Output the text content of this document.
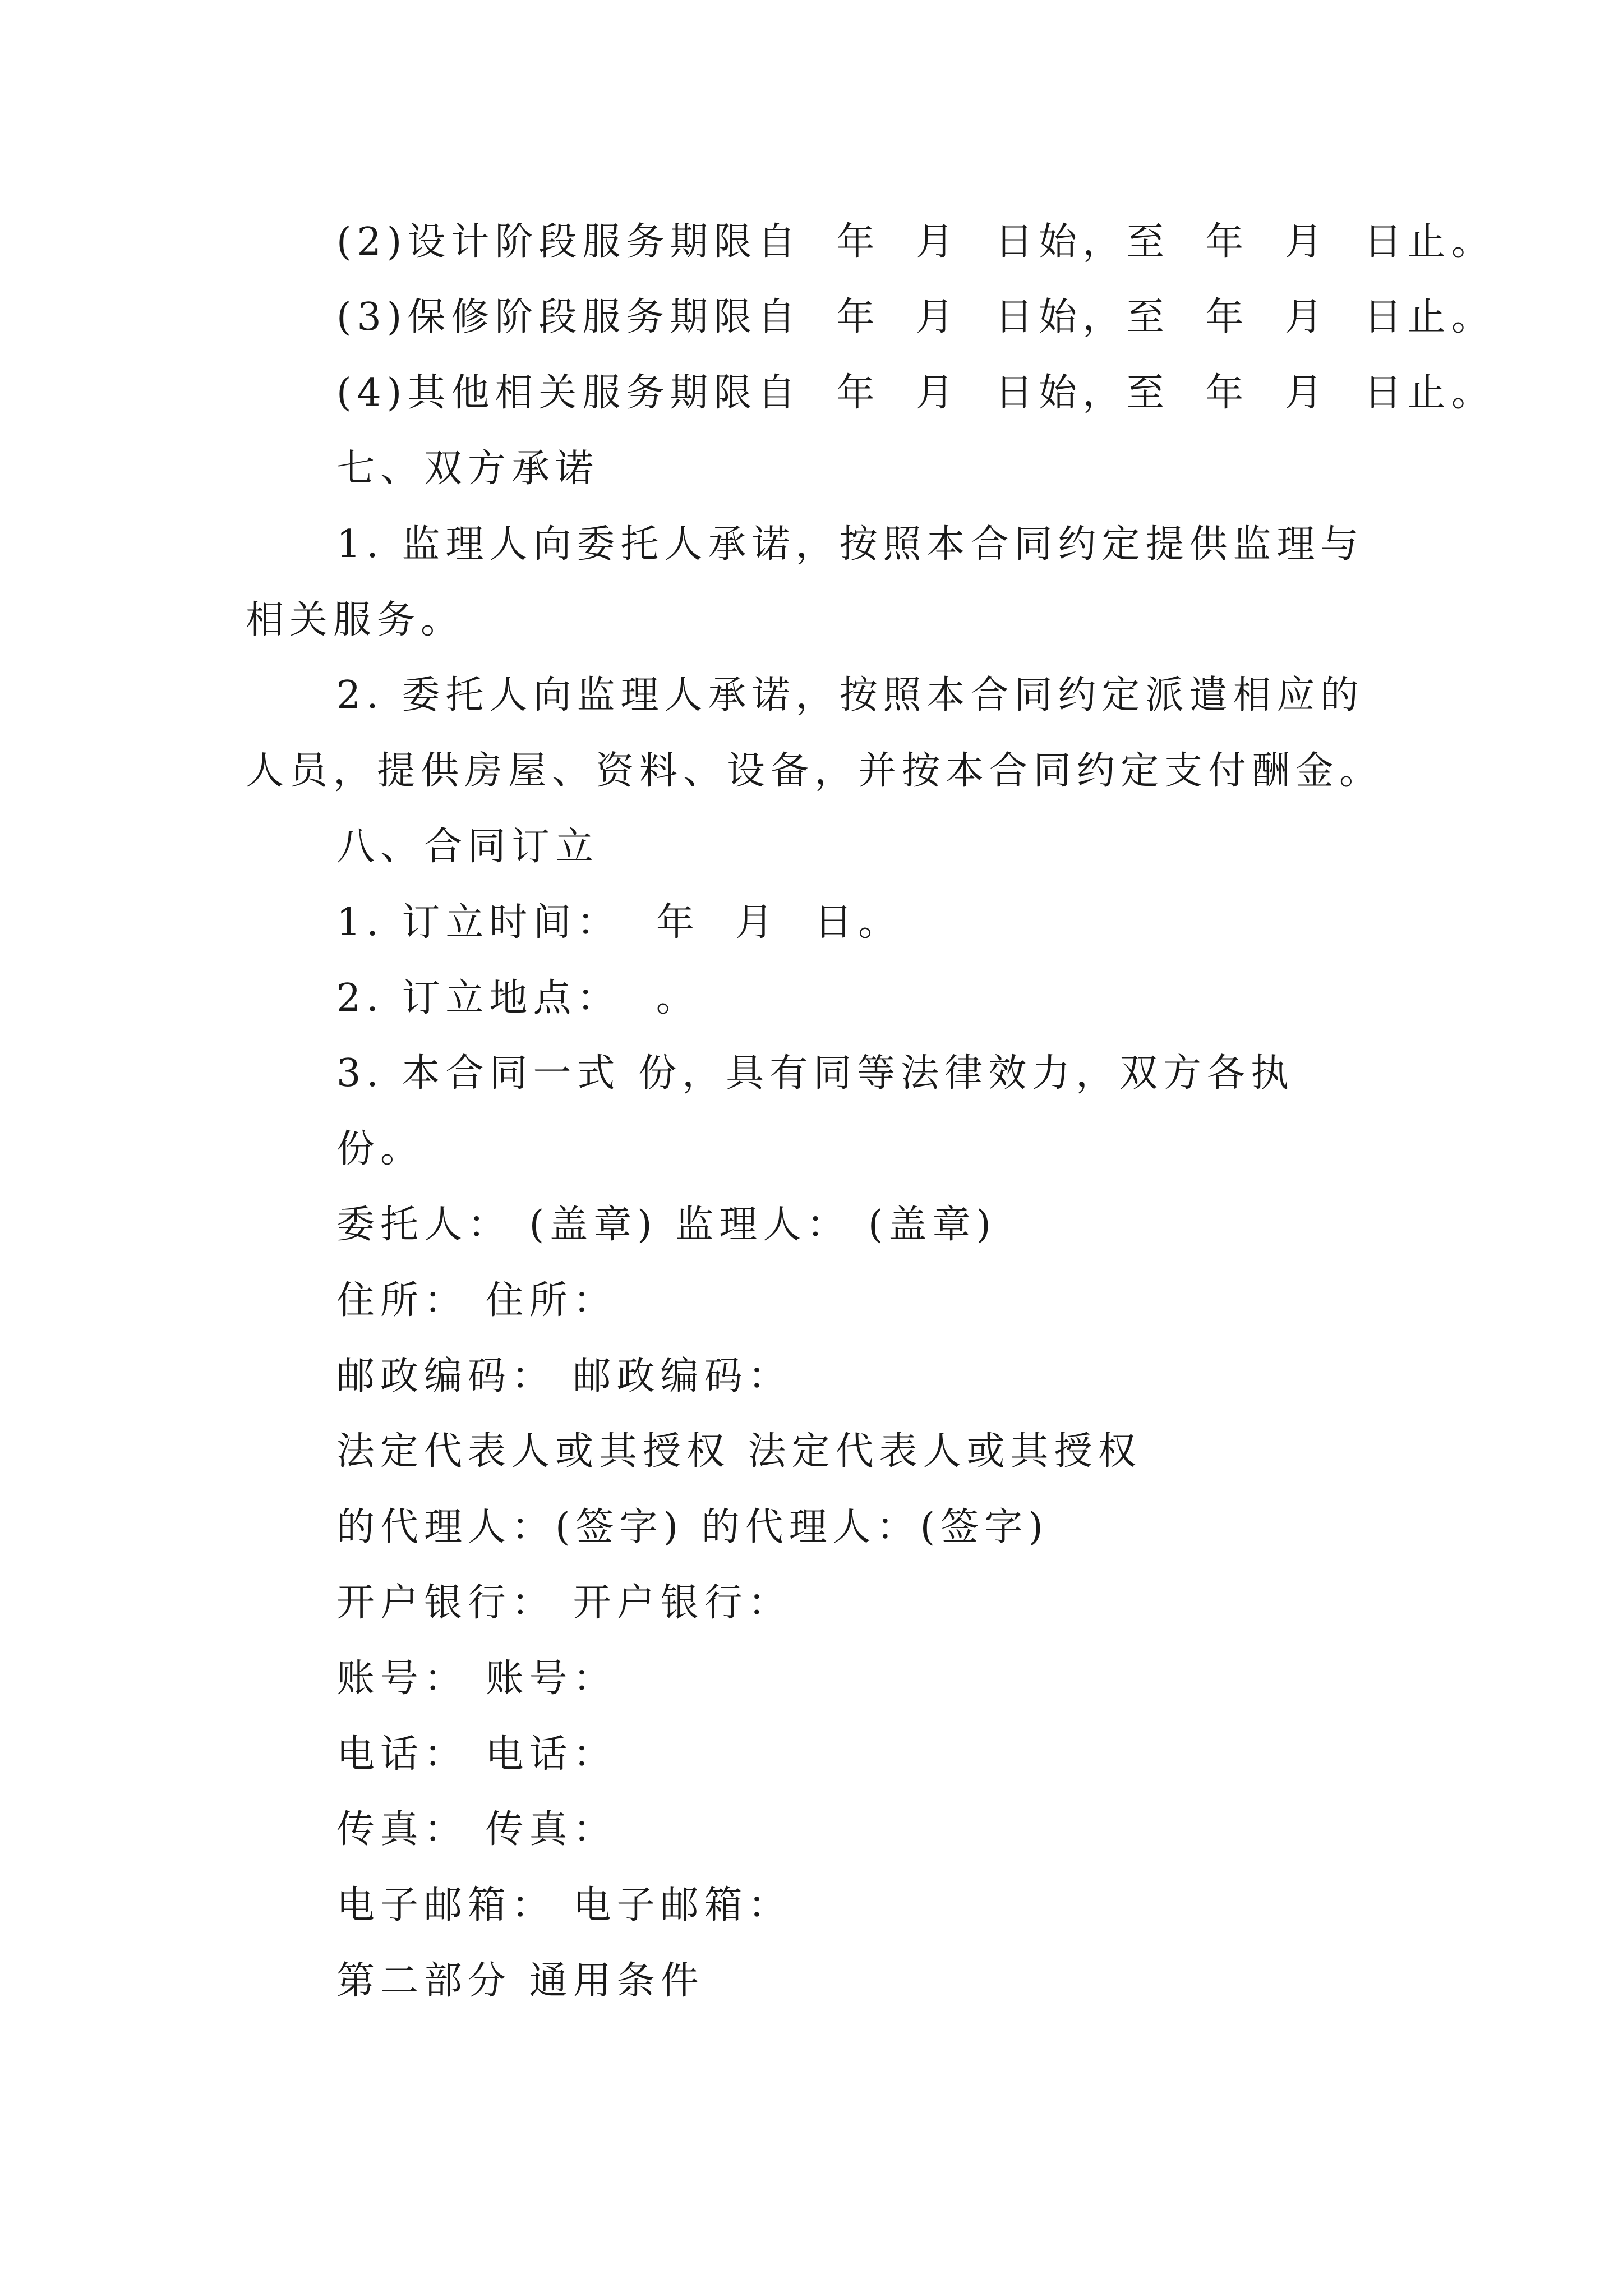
(2)设计阶段服务期限自  年  月  日始，至  年  月  日止。
(3)保修阶段服务期限自  年  月  日始，至  年  月  日止。
(4)其他相关服务期限自  年  月  日始，至  年  月  日止。
七、双方承诺
1. 监理人向委托人承诺，按照本合同约定提供监理与
相关服务。
2. 委托人向监理人承诺，按照本合同约定派遣相应的
人员，提供房屋、资料、设备，并按本合同约定支付酬金。
八、合同订立
1. 订立时间：  年  月  日。
2. 订立地点：  。
3. 本合同一式 份，具有同等法律效力，双方各执
份。
委托人： (盖章) 监理人： (盖章)
住所： 住所：
邮政编码： 邮政编码：
法定代表人或其授权 法定代表人或其授权
的代理人：(签字) 的代理人：(签字)
开户银行： 开户银行：
账号： 账号：
电话： 电话：
传真： 传真：
电子邮箱： 电子邮箱：
第二部分 通用条件
